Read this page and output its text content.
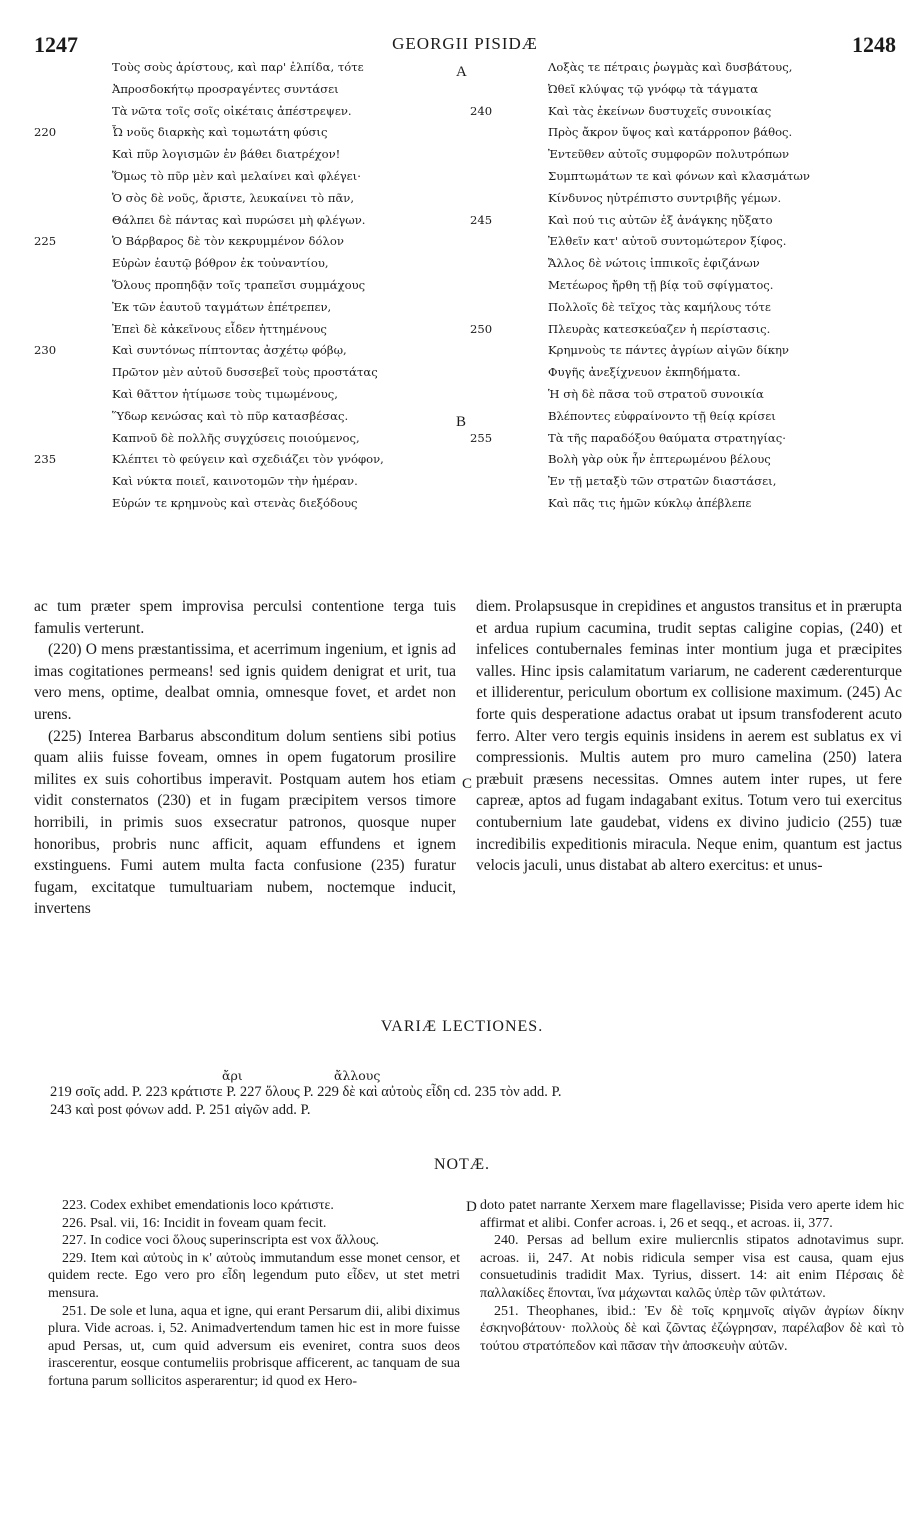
GEORGII PISIDÆ
1247	1248
Τοὺς σοὺς ἀρίστους, καὶ παρ' ἐλπίδα, τότε
Ἀπροσδοκήτῳ προσραγέντες συντάσει
Τὰ νῶτα τοῖς σοῖς οἰκέταις ἀπέστρεψεν.
220	Ὦ νοῦς διαρκὴς καὶ τομωτάτη φύσις
Καὶ πῦρ λογισμῶν ἐν βάθει διατρέχον!
Ὅμως τὸ πῦρ μὲν καὶ μελαίνει καὶ φλέγει·
Ὁ σὸς δὲ νοῦς, ἄριστε, λευκαίνει τὸ πᾶν,
Θάλπει δὲ πάντας καὶ πυρώσει μὴ φλέγων.
225	Ὁ Βάρβαρος δὲ τὸν κεκρυμμένον δόλον
Εὑρὼν ἑαυτῷ βόθρον ἐκ τοὐναντίου,
Ὅλους προπηδᾷν τοῖς τραπεῖσι συμμάχους
Ἐκ τῶν ἑαυτοῦ ταγμάτων ἐπέτρεπεν,
Ἐπεὶ δὲ κἀκεῖνους εἶδεν ἡττημένους
230	Καὶ συντόνως πίπτοντας ἀσχέτῳ φόβῳ,
Πρῶτον μὲν αὐτοῦ δυσσεβεῖ τοὺς προστάτας
Καὶ θᾶττον ἠτίμωσε τοὺς τιμωμένους,
Ὕδωρ κενώσας καὶ τὸ πῦρ κατασβέσας.
Καπνοῦ δὲ πολλῆς συγχύσεις ποιούμενος,
235	Κλέπτει τὸ φεύγειν καὶ σχεδιάζει τὸν γνόφον,
Καὶ νύκτα ποιεῖ, καινοτομῶν τὴν ἡμέραν.
Εὑρών τε κρημνοὺς καὶ στενὰς διεξόδους
Λοξὰς τε πέτραις ῥωγμὰς καὶ δυσβάτους,
Ὠθεῖ κλύψας τῷ γνόφῳ τὰ τάγματα
240	Καὶ τὰς ἐκείνων δυστυχεῖς συνοικίας
Πρὸς ἄκρον ὕψος καὶ κατάρροπον βάθος.
Ἐντεῦθεν αὐτοῖς συμφορῶν πολυτρόπων
Συμπτωμάτων τε καὶ φόνων καὶ κλασμάτων
Κίνδυνος ηὐτρέπιστο συντριβῆς γέμων.
245	Καὶ πού τις αὐτῶν ἐξ ἀνάγκης ηὔξατο
Ἐλθεῖν κατ' αὐτοῦ συντομώτερον ξίφος.
Ἄλλος δὲ νώτοις ἱππικοῖς ἐφιζάνων
Μετέωρος ἤρθη τῇ βίᾳ τοῦ σφίγματος.
Πολλοῖς δὲ τεῖχος τὰς καμήλους τότε
250	Πλευρὰς κατεσκεύαζεν ἡ περίστασις.
Κρημνοὺς τε πάντες ἀγρίων αἰγῶν δίκην
Φυγῆς ἀνεξίχνευον ἐκπηδήματα.
Ἡ σὴ δὲ πᾶσα τοῦ στρατοῦ συνοικία
Βλέποντες εὐφραίνοντο τῇ θείᾳ κρίσει
255	Τὰ τῆς παραδόξου θαύματα στρατηγίας·
Βολὴ γὰρ οὐκ ἦν ἐπτερωμένου βέλους
Ἐν τῇ μεταξὺ τῶν στρατῶν διαστάσει,
Καὶ πᾶς τις ἡμῶν κύκλῳ ἀπέβλεπε
A
B
C
D

ac tum præter spem improvisa perculsi contentione terga tuis famulis verterunt.

(220) O mens præstantissima, et acerrimum ingenium, et ignis ad imas cogitationes permeans! sed ignis quidem denigrat et urit, tua vero mens, optime, dealbat omnia, omnesque fovet, et ardet non urens.

(225) Interea Barbarus absconditum dolum sentiens sibi potius quam aliis fuisse foveam, omnes in opem fugatorum prosilire milites ex suis cohortibus imperavit. Postquam autem hos etiam vidit consternatos (230) et in fugam præcipitem versos timore horribili, in primis suos exsecratur patronos, quosque nuper honoribus, probris nunc afficit, aquam effundens et ignem exstinguens. Fumi autem multa facta confusione (235) furatur fugam, excitatque tumultuariam nubem, noctemque inducit, invertens

diem. Prolapsusque in crepidines et angustos transitus et in prærupta et ardua rupium cacumina, trudit septas caligine copias, (240) et infelices contubernales feminas inter montium juga et præcipites valles. Hinc ipsis calamitatum variarum, ne caderent cæderenturque et illiderentur, periculum obortum ex collisione maximum. (245) Ac forte quis desperatione adactus orabat ut ipsum transfoderent acuto ferro. Alter vero tergis equinis insidens in aerem est sublatus ex vi compressionis. Multis autem pro muro camelina (250) latera præbuit præsens necessitas. Omnes autem inter rupes, ut fere capreæ, aptos ad fugam indagabant exitus. Totum vero tui exercitus contubernium late gaudebat, videns ex divino judicio (255) tuæ incredibilis expeditionis miracula. Neque enim, quantum est jactus velocis jaculi, unus distabat ab altero exercitus: et unus-

VARIÆ LECTIONES.
ἄρι	ἄλλους
219 σοῖς add. P. 223 κράτιστε P. 227 ὅλους P. 229 δὲ καὶ αὐτοὺς εἶδη cd. 235 τὸν add. P.
243 καὶ post φόνων add. P. 251 αἰγῶν add. P.
NOTÆ.

223. Codex exhibet emendationis loco κράτιστε.

226. Psal. vii, 16: Incidit in foveam quam fecit.

227. In codice voci ὅλους superinscripta est vox ἄλλους.

229. Item καὶ αὐτοὺς in κ' αὐτοὺς immutandum esse monet censor, et quidem recte. Ego vero pro εἶδη legendum puto εἶδεν, ut stet metri mensura.

251. De sole et luna, aqua et igne, qui erant Persarum dii, alibi diximus plura. Vide acroas. i, 52. Animadvertendum tamen hic est in more fuisse apud Persas, ut, cum quid adversum eis eveniret, contra suos deos irascerentur, eosque contumeliis probrisque afficerent, ac tanquam de sua fortuna parum sollicitos asperarentur; id quod ex Hero-

doto patet narrante Xerxem mare flagellavisse; Pisida vero aperte idem hic affirmat et alibi. Confer acroas. i, 26 et seqq., et acroas. ii, 377.

240. Persas ad bellum exire muliercnlis stipatos adnotavimus supr. acroas. ii, 247. At nobis ridicula semper visa est causa, quam ejus consuetudinis tradidit Max. Tyrius, dissert. 14: ait enim Πέρσαις δὲ παλλακίδες ἕπονται, ἵνα μάχωνται καλῶς ὑπὲρ τῶν φιλτάτων.

251. Theophanes, ibid.: Ἐν δὲ τοῖς κρημνοῖς αἰγῶν ἀγρίων δίκην ἐσκηνοβάτουν· πολλοὺς δὲ καὶ ζῶντας ἐζώγρησαν, παρέλαβον δὲ καὶ τὸ τούτου στρατόπεδον καὶ πᾶσαν τὴν ἀποσκευὴν αὐτῶν.
